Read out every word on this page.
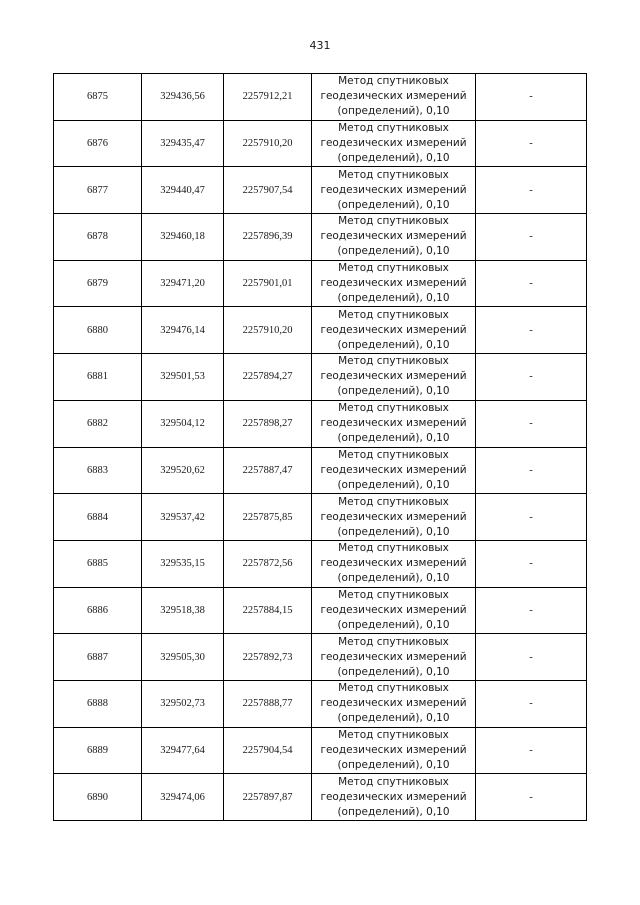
431
6875	329436,56	2257912,21	Метод спутниковых
геодезических измерений
(определений), 0,10	-
6876	329435,47	2257910,20	Метод спутниковых
геодезических измерений
(определений), 0,10	-
6877	329440,47	2257907,54	Метод спутниковых
геодезических измерений
(определений), 0,10	-
6878	329460,18	2257896,39	Метод спутниковых
геодезических измерений
(определений), 0,10	-
6879	329471,20	2257901,01	Метод спутниковых
геодезических измерений
(определений), 0,10	-
6880	329476,14	2257910,20	Метод спутниковых
геодезических измерений
(определений), 0,10	-
6881	329501,53	2257894,27	Метод спутниковых
геодезических измерений
(определений), 0,10	-
6882	329504,12	2257898,27	Метод спутниковых
геодезических измерений
(определений), 0,10	-
6883	329520,62	2257887,47	Метод спутниковых
геодезических измерений
(определений), 0,10	-
6884	329537,42	2257875,85	Метод спутниковых
геодезических измерений
(определений), 0,10	-
6885	329535,15	2257872,56	Метод спутниковых
геодезических измерений
(определений), 0,10	-
6886	329518,38	2257884,15	Метод спутниковых
геодезических измерений
(определений), 0,10	-
6887	329505,30	2257892,73	Метод спутниковых
геодезических измерений
(определений), 0,10	-
6888	329502,73	2257888,77	Метод спутниковых
геодезических измерений
(определений), 0,10	-
6889	329477,64	2257904,54	Метод спутниковых
геодезических измерений
(определений), 0,10	-
6890	329474,06	2257897,87	Метод спутниковых
геодезических измерений
(определений), 0,10	-
